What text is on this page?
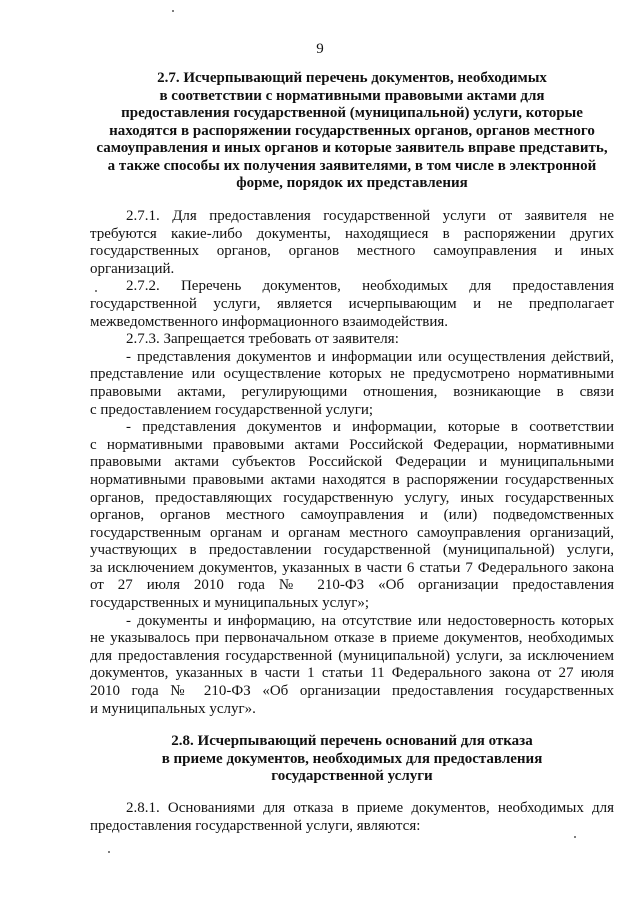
9
2.7. Исчерпывающий перечень документов, необходимых
в соответствии с нормативными правовыми актами для
предоставления государственной (муниципальной) услуги, которые
находятся в распоряжении государственных органов, органов местного
самоуправления и иных органов и которые заявитель вправе представить,
а также способы их получения заявителями, в том числе в электронной
форме, порядок их представления
2.7.1. Для предоставления государственной услуги от заявителя не
требуются какие-либо документы, находящиеся в распоряжении других
государственных органов, органов местного самоуправления и иных
организаций.
2.7.2. Перечень документов, необходимых для предоставления
государственной услуги, является исчерпывающим и не предполагает
межведомственного информационного взаимодействия.
2.7.3. Запрещается требовать от заявителя:
- представления документов и информации или осуществления действий,
представление или осуществление которых не предусмотрено нормативными
правовыми актами, регулирующими отношения, возникающие в связи
с предоставлением государственной услуги;
- представления документов и информации, которые в соответствии
с нормативными правовыми актами Российской Федерации, нормативными
правовыми актами субъектов Российской Федерации и муниципальными
нормативными правовыми актами находятся в распоряжении государственных
органов, предоставляющих государственную услугу, иных государственных
органов, органов местного самоуправления и (или) подведомственных
государственным органам и органам местного самоуправления организаций,
участвующих в предоставлении государственной (муниципальной) услуги,
за исключением документов, указанных в части 6 статьи 7 Федерального закона
от 27 июля 2010 года № 210-ФЗ «Об организации предоставления
государственных и муниципальных услуг»;
- документы и информацию, на отсутствие или недостоверность которых
не указывалось при первоначальном отказе в приеме документов, необходимых
для предоставления государственной (муниципальной) услуги, за исключением
документов, указанных в части 1 статьи 11 Федерального закона от 27 июля
2010 года № 210-ФЗ «Об организации предоставления государственных
и муниципальных услуг».
2.8. Исчерпывающий перечень оснований для отказа
в приеме документов, необходимых для предоставления
государственной услуги
2.8.1. Основаниями для отказа в приеме документов, необходимых для
предоставления государственной услуги, являются:
